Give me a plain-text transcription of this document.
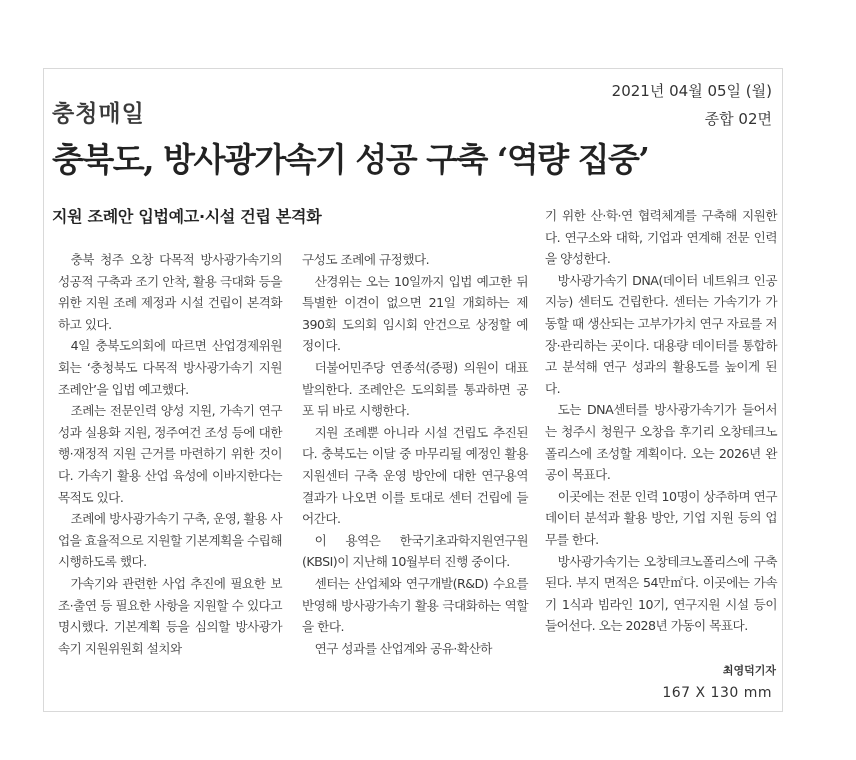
2021년 04월 05일 (월)
종합 02면
충청매일
충북도, 방사광가속기 성공 구축 ‘역량 집중’
지원 조례안 입법예고·시설 건립 본격화

충북 청주 오창 다목적 방사광가속기의 성공적 구축과 조기 안착, 활용 극대화 등을 위한 지원 조례 제정과 시설 건립이 본격화하고 있다.

4일 충북도의회에 따르면 산업경제위원회는 ‘충청북도 다목적 방사광가속기 지원 조례안’을 입법 예고했다.

조례는 전문인력 양성 지원, 가속기 연구성과 실용화 지원, 정주여건 조성 등에 대한 행·재정적 지원 근거를 마련하기 위한 것이다. 가속기 활용 산업 육성에 이바지한다는 목적도 있다.

조례에 방사광가속기 구축, 운영, 활용 사업을 효율적으로 지원할 기본계획을 수립해 시행하도록 했다.

가속기와 관련한 사업 추진에 필요한 보조·출연 등 필요한 사항을 지원할 수 있다고 명시했다. 기본계획 등을 심의할 방사광가속기 지원위원회 설치와

구성도 조례에 규정했다.

산경위는 오는 10일까지 입법 예고한 뒤 특별한 이견이 없으면 21일 개회하는 제390회 도의회 임시회 안건으로 상정할 예정이다.

더불어민주당 연종석(증평) 의원이 대표 발의한다. 조례안은 도의회를 통과하면 공포 뒤 바로 시행한다.

지원 조례뿐 아니라 시설 건립도 추진된다. 충북도는 이달 중 마무리될 예정인 활용지원센터 구축 운영 방안에 대한 연구용역 결과가 나오면 이를 토대로 센터 건립에 들어간다.

이 용역은 한국기초과학지원연구원(KBSI)이 지난해 10월부터 진행 중이다.

센터는 산업체와 연구개발(R&D) 수요를 반영해 방사광가속기 활용 극대화하는 역할을 한다.

연구 성과를 산업계와 공유·확산하

기 위한 산·학·연 협력체계를 구축해 지원한다. 연구소와 대학, 기업과 연계해 전문 인력을 양성한다.

방사광가속기 DNA(데이터 네트워크 인공지능) 센터도 건립한다. 센터는 가속기가 가동할 때 생산되는 고부가가치 연구 자료를 저장·관리하는 곳이다. 대용량 데이터를 통합하고 분석해 연구 성과의 활용도를 높이게 된다.

도는 DNA센터를 방사광가속기가 들어서는 청주시 청원구 오창읍 후기리 오창테크노폴리스에 조성할 계획이다. 오는 2026년 완공이 목표다.

이곳에는 전문 인력 10명이 상주하며 연구 데이터 분석과 활용 방안, 기업 지원 등의 업무를 한다.

방사광가속기는 오창테크노폴리스에 구축된다. 부지 면적은 54만㎡다. 이곳에는 가속기 1식과 빔라인 10기, 연구지원 시설 등이 들어선다. 오는 2028년 가동이 목표다.

최영덕기자
167 X 130 mm
